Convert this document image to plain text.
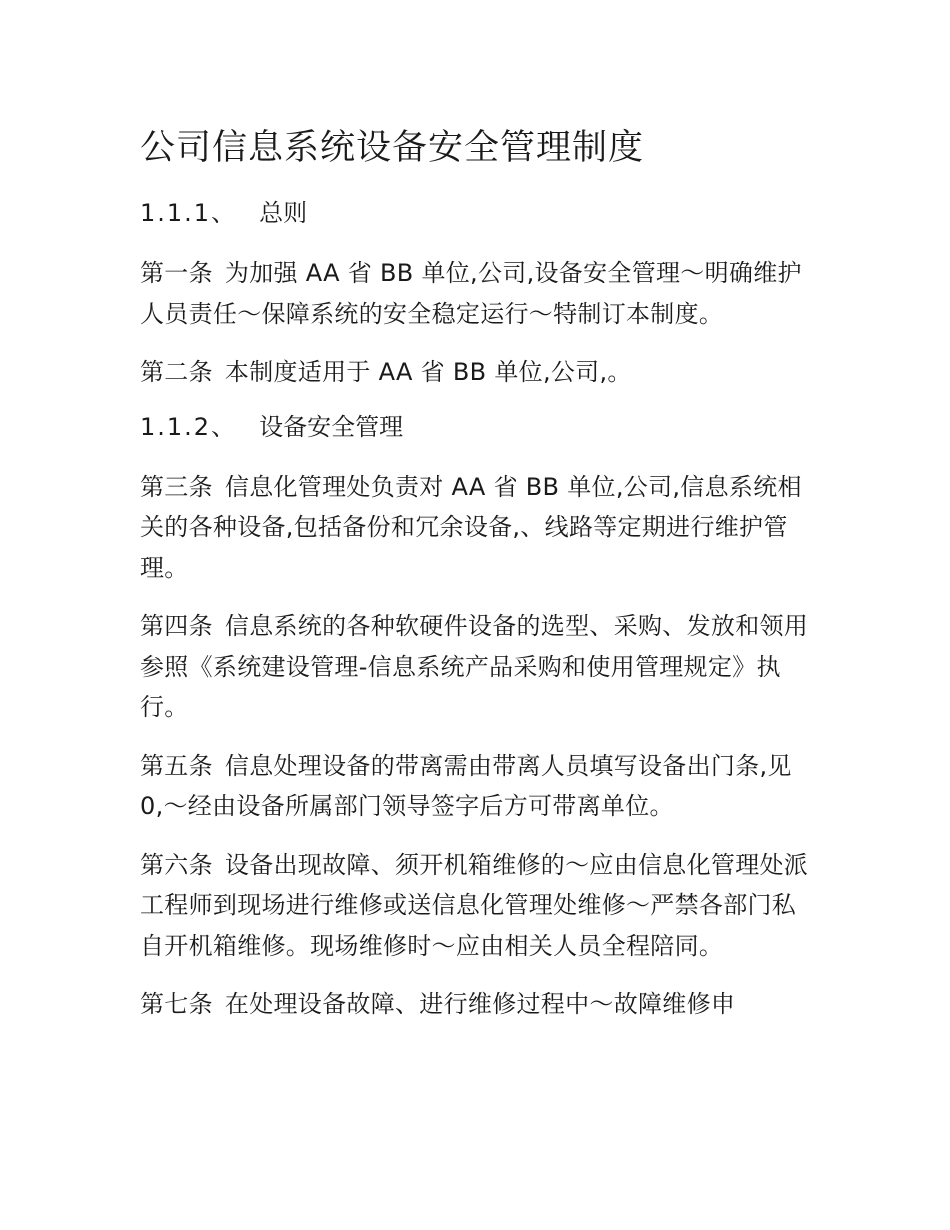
公司信息系统设备安全管理制度
1.1.1、 总则

第一条 为加强 AA 省 BB 单位,公司,设备安全管理～明确维护人员责任～保障系统的安全稳定运行～特制订本制度。

第二条 本制度适用于 AA 省 BB 单位,公司,。

1.1.2、 设备安全管理

第三条 信息化管理处负责对 AA 省 BB 单位,公司,信息系统相关的各种设备,包括备份和冗余设备,、线路等定期进行维护管理。

第四条 信息系统的各种软硬件设备的选型、采购、发放和领用参照《系统建设管理-信息系统产品采购和使用管理规定》执行。

第五条 信息处理设备的带离需由带离人员填写设备出门条,见 0,～经由设备所属部门领导签字后方可带离单位。

第六条 设备出现故障、须开机箱维修的～应由信息化管理处派工程师到现场进行维修或送信息化管理处维修～严禁各部门私自开机箱维修。现场维修时～应由相关人员全程陪同。

第七条 在处理设备故障、进行维修过程中～故障维修申
